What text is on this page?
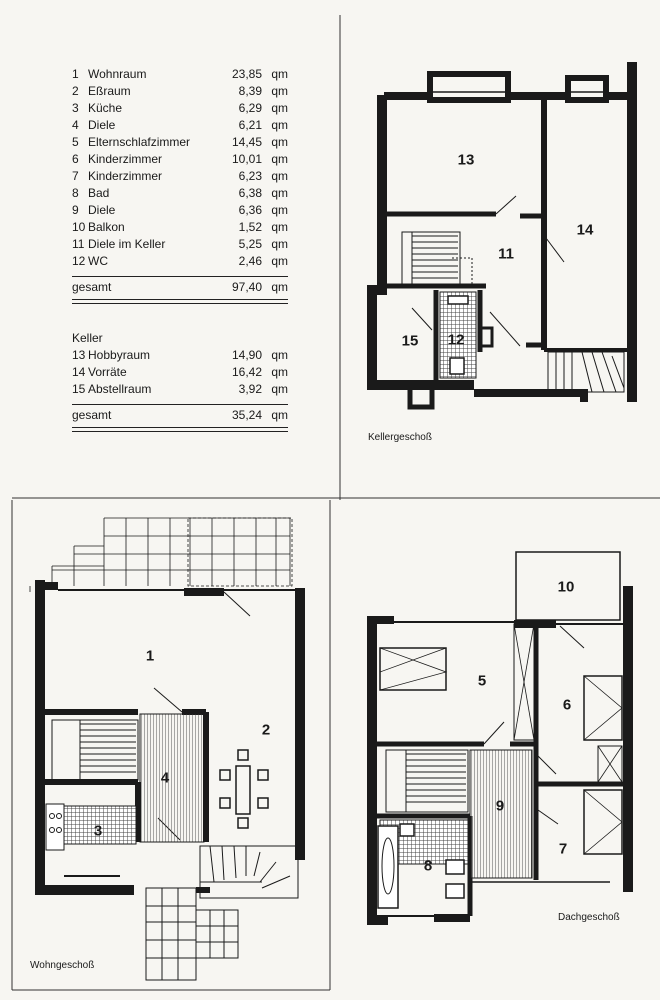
1 Wohnraum	23,85 qm
2 Eßraum	8,39 qm
3 Küche	6,29 qm
4 Diele	6,21 qm
5 Elternschlafzimmer	14,45 qm
6 Kinderzimmer	10,01 qm
7 Kinderzimmer	6,23 qm
8 Bad	6,38 qm
9 Diele	6,36 qm
10 Balkon	1,52 qm
11 Diele im Keller	5,25 qm
12 WC	2,46 qm
gesamt	97,40 qm
Keller
13 Hobbyraum	14,90 qm
14 Vorräte	16,42 qm
15 Abstellraum	3,92 qm
gesamt	35,24 qm
Kellergeschoß
Wohngeschoß
Dachgeschoß
13
14
11
15 12
1
2
4
3
10
5
6
9
7
8
